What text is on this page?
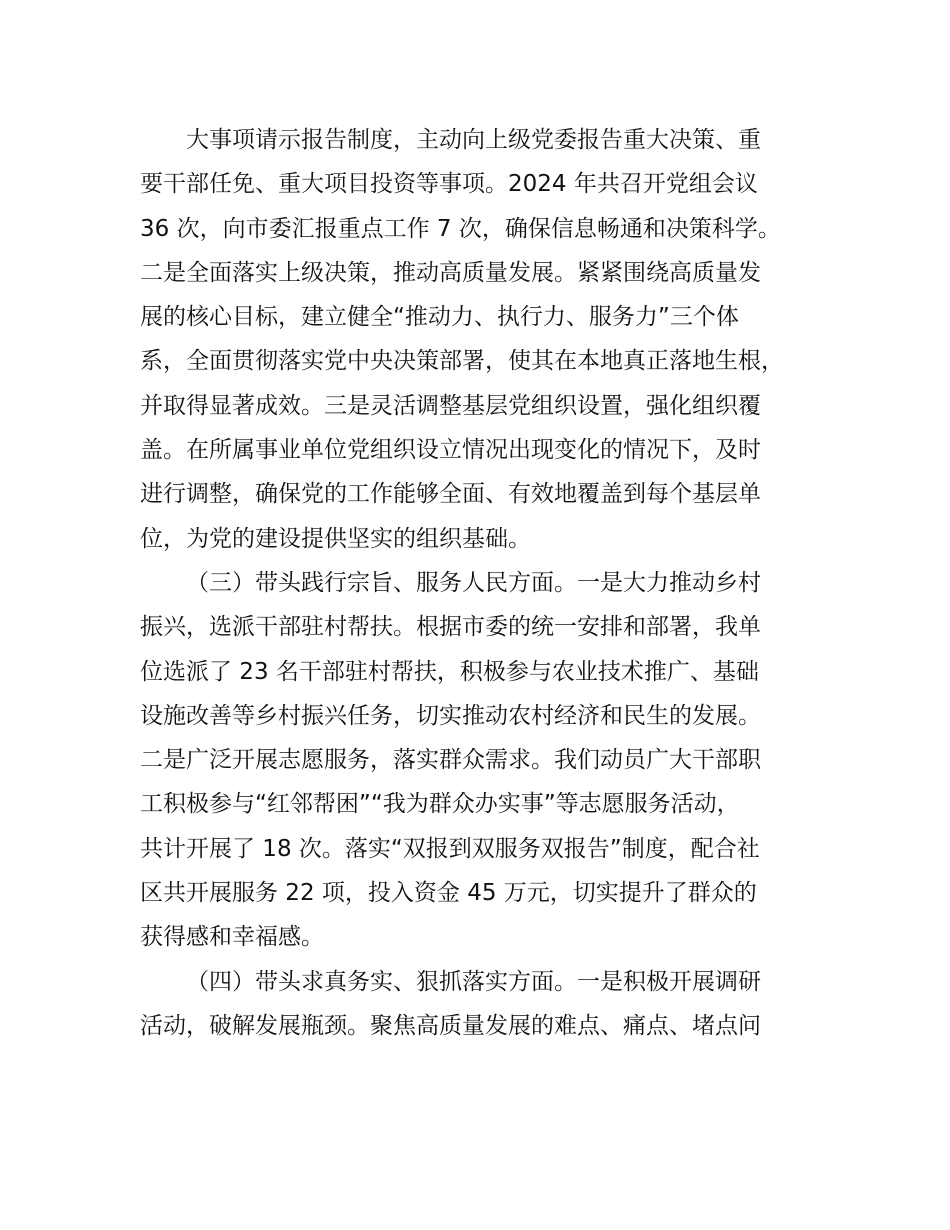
大事项请示报告制度，主动向上级党委报告重大决策、重
要干部任免、重大项目投资等事项。2024 年共召开党组会议
36 次，向市委汇报重点工作 7 次，确保信息畅通和决策科学。
二是全面落实上级决策，推动高质量发展。紧紧围绕高质量发
展的核心目标，建立健全“推动力、执行力、服务力”三个体
系，全面贯彻落实党中央决策部署，使其在本地真正落地生根，
并取得显著成效。三是灵活调整基层党组织设置，强化组织覆
盖。在所属事业单位党组织设立情况出现变化的情况下，及时
进行调整，确保党的工作能够全面、有效地覆盖到每个基层单
位，为党的建设提供坚实的组织基础。
（三）带头践行宗旨、服务人民方面。一是大力推动乡村
振兴，选派干部驻村帮扶。根据市委的统一安排和部署，我单
位选派了 23 名干部驻村帮扶，积极参与农业技术推广、基础
设施改善等乡村振兴任务，切实推动农村经济和民生的发展。
二是广泛开展志愿服务，落实群众需求。我们动员广大干部职
工积极参与“红邻帮困”“我为群众办实事”等志愿服务活动，
共计开展了 18 次。落实“双报到双服务双报告”制度，配合社
区共开展服务 22 项，投入资金 45 万元，切实提升了群众的
获得感和幸福感。
（四）带头求真务实、狠抓落实方面。一是积极开展调研
活动，破解发展瓶颈。聚焦高质量发展的难点、痛点、堵点问
